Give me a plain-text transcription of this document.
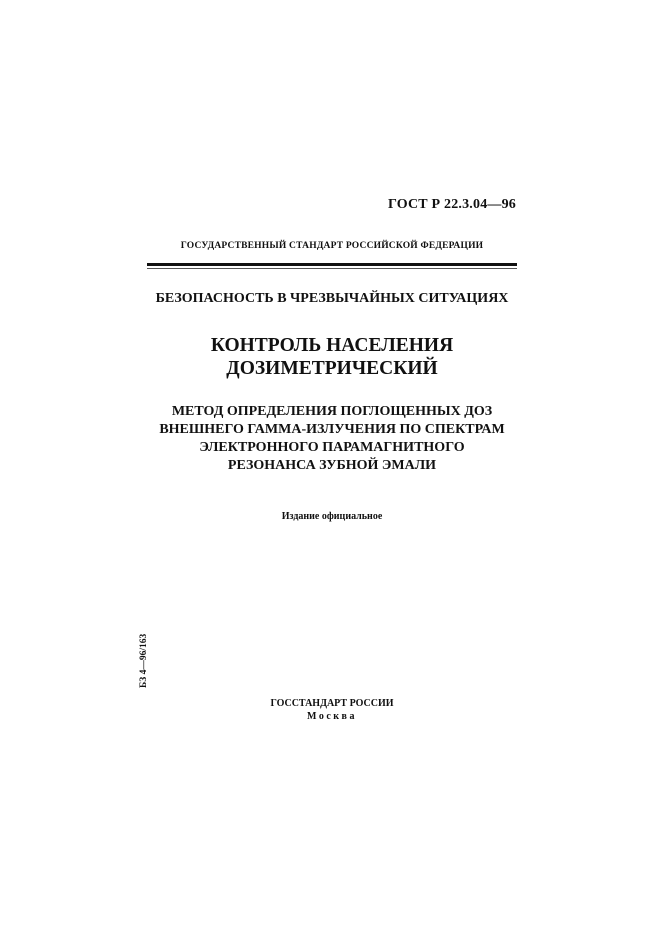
ГОСТ Р 22.3.04—96
ГОСУДАРСТВЕННЫЙ СТАНДАРТ РОССИЙСКОЙ ФЕДЕРАЦИИ
БЕЗОПАСНОСТЬ В ЧРЕЗВЫЧАЙНЫХ СИТУАЦИЯХ
КОНТРОЛЬ НАСЕЛЕНИЯ
ДОЗИМЕТРИЧЕСКИЙ
МЕТОД ОПРЕДЕЛЕНИЯ ПОГЛОЩЕННЫХ ДОЗ
ВНЕШНЕГО ГАММА-ИЗЛУЧЕНИЯ ПО СПЕКТРАМ
ЭЛЕКТРОННОГО ПАРАМАГНИТНОГО
РЕЗОНАНСА ЗУБНОЙ ЭМАЛИ
Издание официальное
БЗ 4—96/163
ГОССТАНДАРТ РОССИИ
Москва
